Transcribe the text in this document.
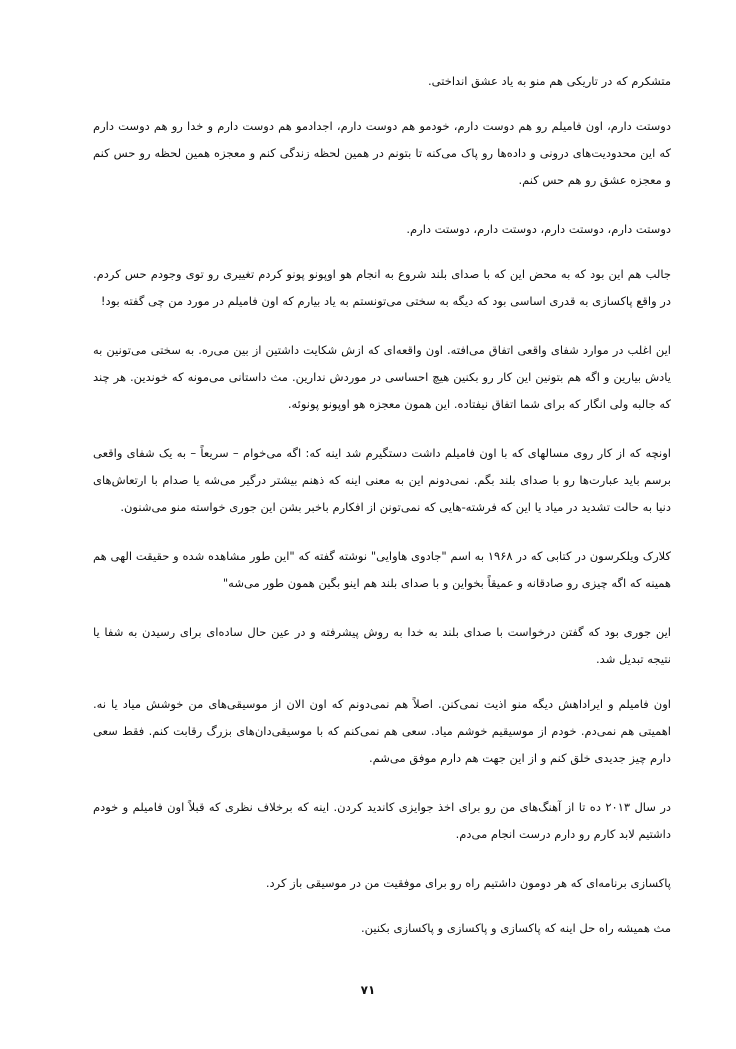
متشکرم که در تاریکی هم منو به یاد عشق انداختی.

دوستت دارم، اون فامیلم رو هم دوست دارم، خودمو هم دوست دارم، اجدادمو هم دوست دارم و خدا رو هم دوست دارم که این محدودیت‌های درونی و داده‌ها رو پاک می‌کنه تا بتونم در همین لحظه زندگی کنم و معجزه همین لحظه رو حس کنم و معجزه عشق رو هم حس کنم.

دوستت دارم، دوستت دارم، دوستت دارم، دوستت دارم.

جالب هم این بود که به محض این که با صدای بلند شروع به انجام هو اوپونو پونو کردم تغییری رو توی وجودم حس کردم. در واقع پاکسازی به قدری اساسی بود که دیگه به سختی می‌تونستم به یاد بیارم که اون فامیلم در مورد من چی گفته بود!

این اغلب در موارد شفای واقعی اتفاق می‌افته. اون واقعه‌ای که ازش شکایت داشتین از بین می‌ره. به سختی می‌تونین به یادش بیارین و اگه هم بتونین این کار رو بکنین هیچ احساسی در موردش ندارین. مث داستانی می‌مونه که خوندین. هر چند که جالبه ولی انگار که برای شما اتفاق نیفتاده. این همون معجزه هو اوپونو پونوئه.

اونچه که از کار روی مسالهای که با اون فامیلم داشت دستگیرم شد اینه که: اگه می‌خوام – سریعاً – به یک شفای واقعی برسم باید عبارت‌ها رو با صدای بلند بگم. نمی‌دونم این به معنی اینه که ذهنم بیشتر درگیر می‌شه یا صدام با ارتعاش‌های دنیا به حالت تشدید در میاد یا این که فرشته-هایی که نمی‌تونن از افکارم باخبر بشن این جوری خواسته منو می‌شنون.

کلارک ویلکرسون در کتابی که در ۱۹۶۸ به اسم "جادوی هاوایی" نوشته گفته که "این طور مشاهده شده و حقیقت الهی هم همینه که اگه چیزی رو صادقانه و عمیقاً بخواین و با صدای بلند هم اینو بگین همون طور می‌شه"

این جوری بود که گفتن درخواست با صدای بلند به خدا به روش پیشرفته و در عین حال ساده‌ای برای رسیدن به شفا یا نتیجه تبدیل شد.

اون فامیلم و ایراداهش دیگه منو اذیت نمی‌کنن. اصلاً هم نمی‌دونم که اون الان از موسیقی‌های من خوشش میاد یا نه. اهمیتی هم نمی‌دم. خودم از موسیقیم خوشم میاد. سعی هم نمی‌کنم که با موسیقی‌دان‌های بزرگ رقابت کنم. فقط سعی دارم چیز جدیدی خلق کنم و از این جهت هم دارم موفق می‌شم.

در سال ۲۰۱۳ ده تا از آهنگ‌های من رو برای اخذ جوایزی کاندید کردن. اینه که برخلاف نظری که قبلاً اون فامیلم و خودم داشتیم لابد کارم رو دارم درست انجام می‌دم.

پاکسازی برنامه‌ای که هر دومون داشتیم راه رو برای موفقیت من در موسیقی باز کرد.

مث همیشه راه حل اینه که پاکسازی و پاکسازی و پاکسازی بکنین.

۷۱
